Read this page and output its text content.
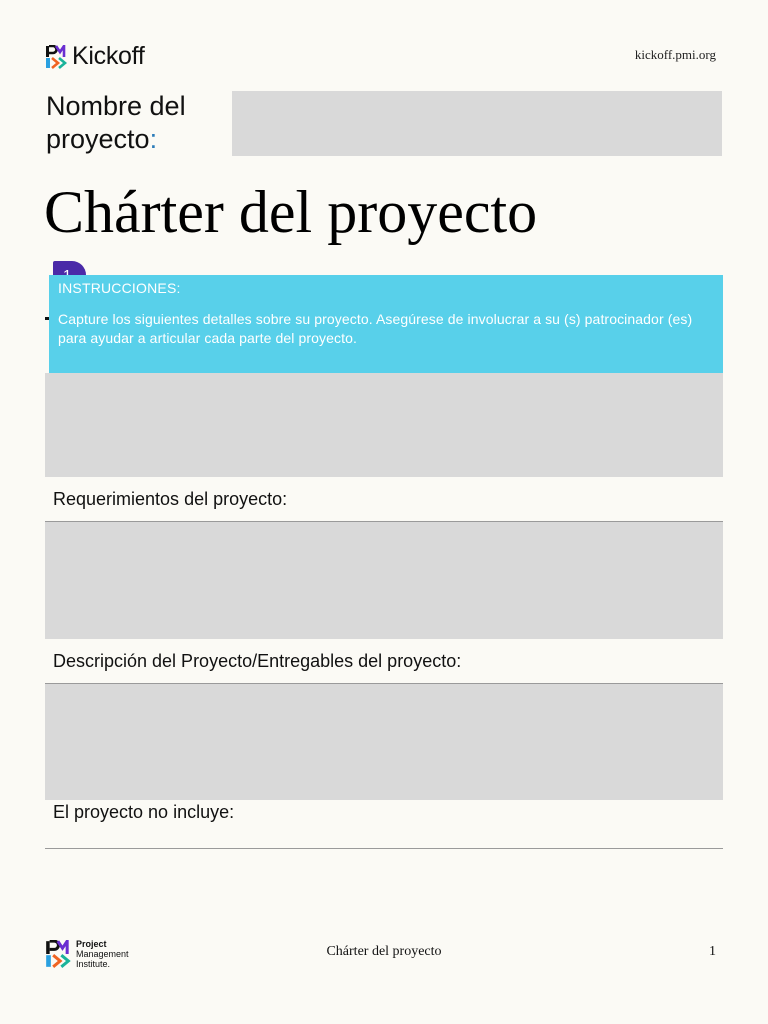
Kickoff	kickoff.pmi.org
Nombre del
proyecto:
Chárter del proyecto
INSTRUCCIONES:
Capture los siguientes detalles sobre su proyecto. Asegúrese de involucrar a su (s) patrocinador (es) para ayudar a articular cada parte del proyecto.
Requerimientos del proyecto:
Descripción del Proyecto/Entregables del proyecto:
El proyecto no incluye:
Project
Management
Institute.
Chárter del proyecto	1
